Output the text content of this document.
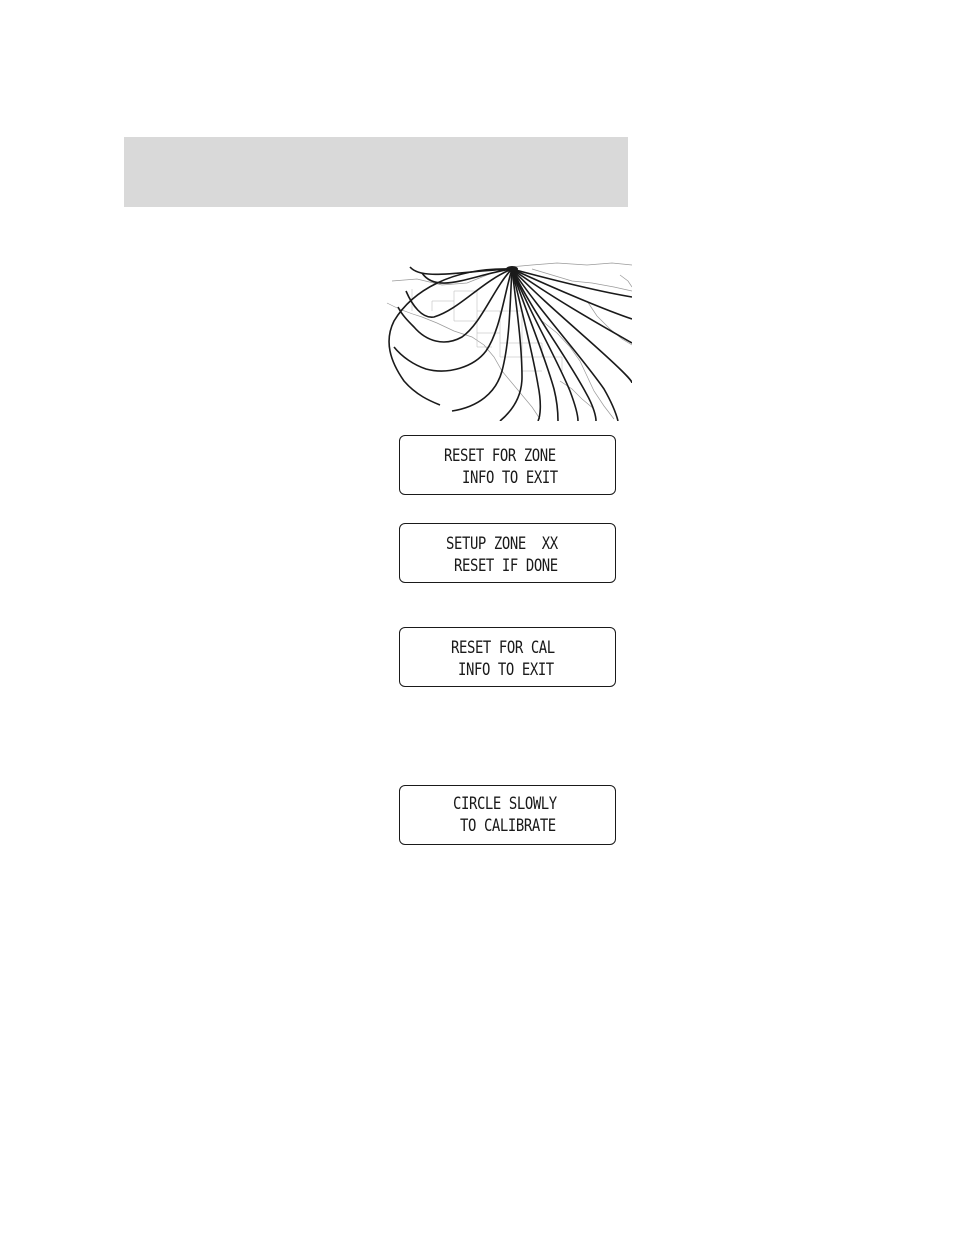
RESET FOR ZONE
INFO TO EXIT
SETUP ZONE  XX
RESET IF DONE
RESET FOR CAL
INFO TO EXIT
CIRCLE SLOWLY
TO CALIBRATE
